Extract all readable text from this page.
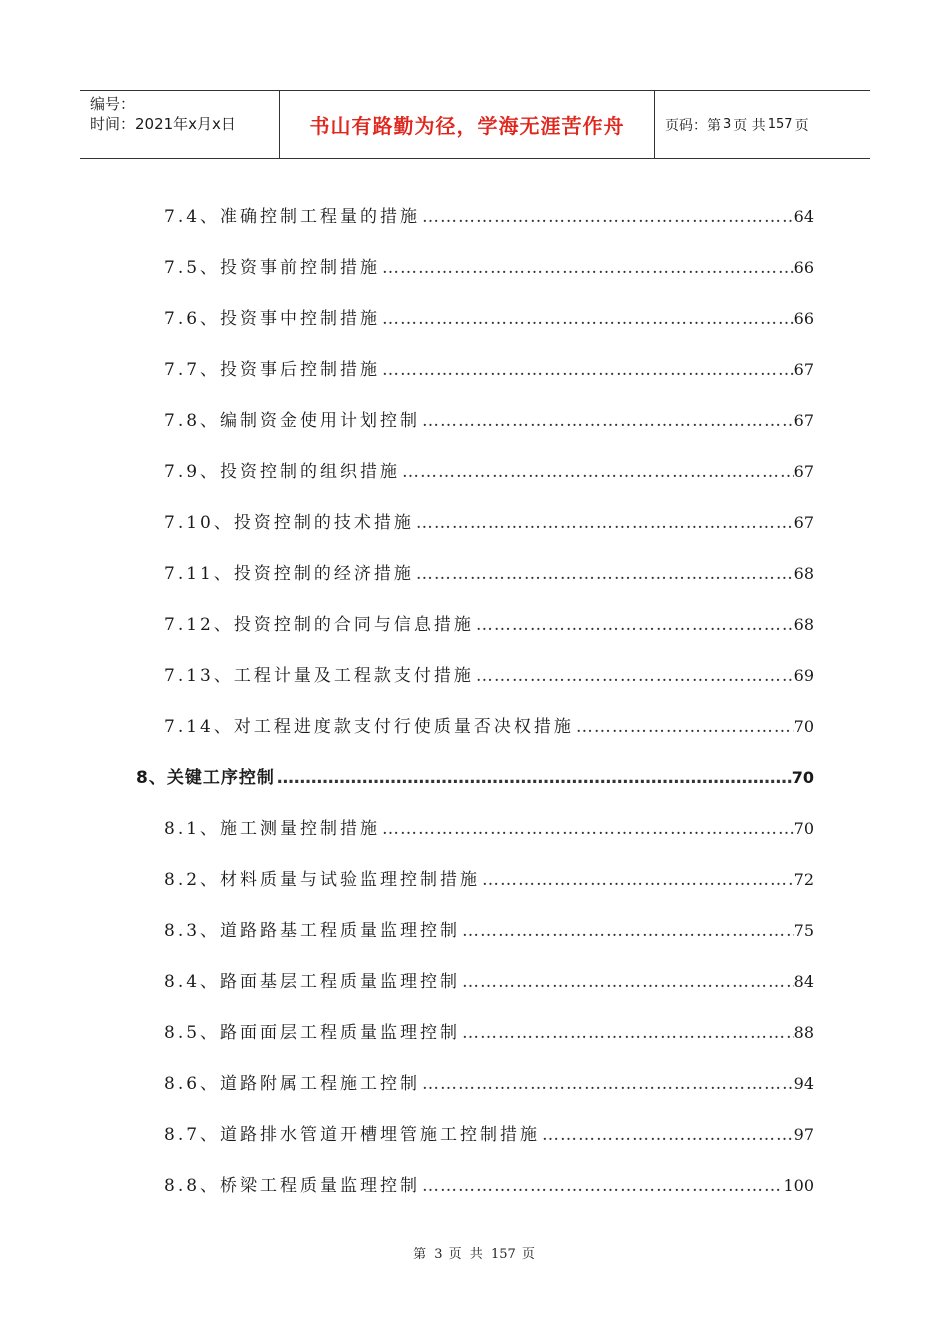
编号：
时间：2021年x月x日	书山有路勤为径，学海无涯苦作舟	页码：第 3 页 共 157 页
7.4、准确控制工程量的措施 …………………………………………………………………………………………………………………………………………………………	64
7.5、投资事前控制措施 …………………………………………………………………………………………………………………………………………………………	66
7.6、投资事中控制措施 …………………………………………………………………………………………………………………………………………………………	66
7.7、投资事后控制措施 …………………………………………………………………………………………………………………………………………………………	67
7.8、编制资金使用计划控制 …………………………………………………………………………………………………………………………………………………………	67
7.9、投资控制的组织措施 …………………………………………………………………………………………………………………………………………………………	67
7.10、投资控制的技术措施 …………………………………………………………………………………………………………………………………………………………	67
7.11、投资控制的经济措施 …………………………………………………………………………………………………………………………………………………………	68
7.12、投资控制的合同与信息措施 …………………………………………………………………………………………………………………………………………………………	68
7.13、工程计量及工程款支付措施 …………………………………………………………………………………………………………………………………………………………	69
7.14、对工程进度款支付行使质量否决权措施 …………………………………………………………………………………………………………………………………………………………	70
8、关键工序控制 …………………………………………………………………………………………………………………………………………………………	70
8.1、施工测量控制措施 …………………………………………………………………………………………………………………………………………………………	70
8.2、材料质量与试验监理控制措施 …………………………………………………………………………………………………………………………………………………………	72
8.3、道路路基工程质量监理控制 …………………………………………………………………………………………………………………………………………………………	75
8.4、路面基层工程质量监理控制 …………………………………………………………………………………………………………………………………………………………	84
8.5、路面面层工程质量监理控制 …………………………………………………………………………………………………………………………………………………………	88
8.6、道路附属工程施工控制 …………………………………………………………………………………………………………………………………………………………	94
8.7、道路排水管道开槽埋管施工控制措施 …………………………………………………………………………………………………………………………………………………………	97
8.8、桥梁工程质量监理控制 …………………………………………………………………………………………………………………………………………………………	100
第 3 页 共 157 页
